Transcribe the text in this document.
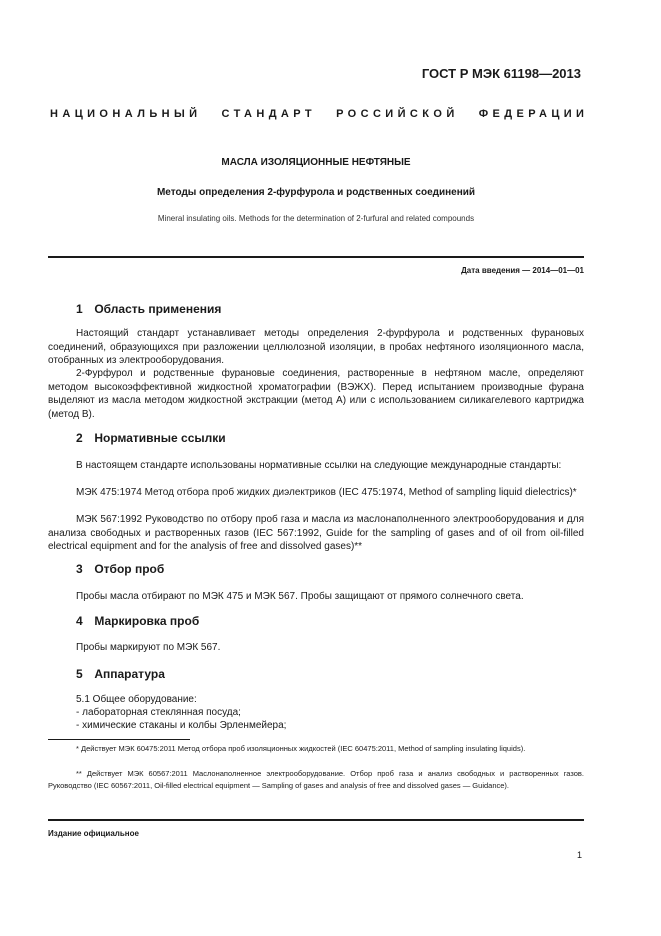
ГОСТ Р МЭК 61198—2013
НАЦИОНАЛЬНЫЙ СТАНДАРТ РОССИЙСКОЙ ФЕДЕРАЦИИ
МАСЛА ИЗОЛЯЦИОННЫЕ НЕФТЯНЫЕ
Методы определения 2-фурфурола и родственных соединений
Mineral insulating oils. Methods for the determination of 2-furfural and related compounds
Дата введения — 2014—01—01
1 Область применения
Настоящий стандарт устанавливает методы определения 2-фурфурола и родственных фурановых соединений, образующихся при разложении целлюлозной изоляции, в пробах нефтяного изоляционного масла, отобранных из электрооборудования.
2-Фурфурол и родственные фурановые соединения, растворенные в нефтяном масле, определяют методом высокоэффективной жидкостной хроматографии (ВЭЖХ). Перед испытанием производные фурана выделяют из масла методом жидкостной экстракции (метод А) или с использованием силикагелевого картриджа (метод В).
2 Нормативные ссылки
В настоящем стандарте использованы нормативные ссылки на следующие международные стандарты:
МЭК 475:1974 Метод отбора проб жидких диэлектриков (IEC 475:1974, Method of sampling liquid dielectrics)*
МЭК 567:1992 Руководство по отбору проб газа и масла из маслонаполненного электрооборудования и для анализа свободных и растворенных газов (IEC 567:1992, Guide for the sampling of gases and of oil from oil-filled electrical equipment and for the analysis of free and dissolved gases)**
3 Отбор проб
Пробы масла отбирают по МЭК 475 и МЭК 567. Пробы защищают от прямого солнечного света.
4 Маркировка проб
Пробы маркируют по МЭК 567.
5 Аппаратура
5.1 Общее оборудование:
- лабораторная стеклянная посуда;
- химические стаканы и колбы Эрленмейера;
* Действует МЭК 60475:2011 Метод отбора проб изоляционных жидкостей (IEC 60475:2011, Method of sampling insulating liquids).
** Действует МЭК 60567:2011 Маслонаполненное электрооборудование. Отбор проб газа и анализ свободных и растворенных газов. Руководство (IEC 60567:2011, Oil-filled electrical equipment — Sampling of gases and analysis of free and dissolved gases — Guidance).
Издание официальное
1
